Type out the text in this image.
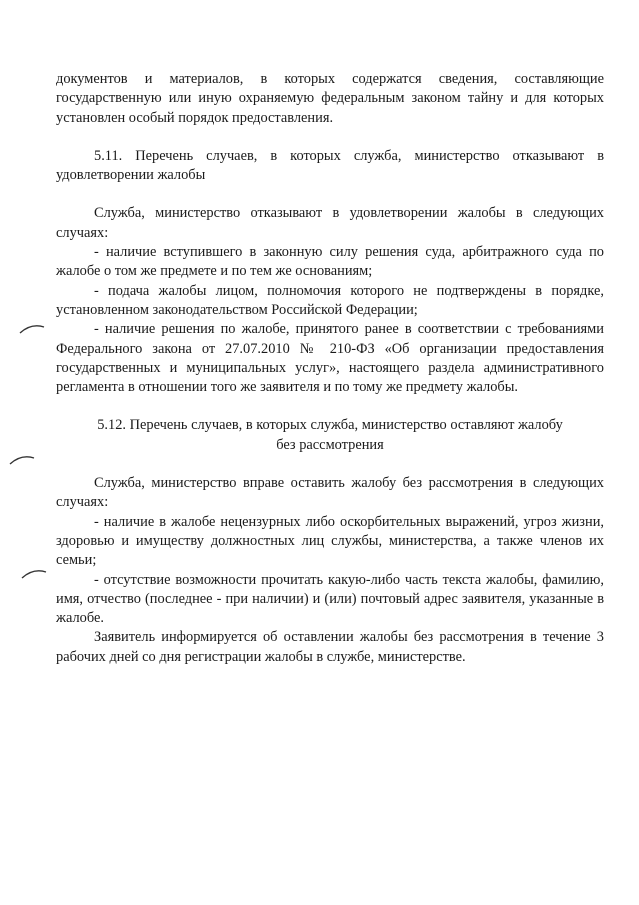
документов и материалов, в которых содержатся сведения, составляющие государственную или иную охраняемую федеральным законом тайну и для которых установлен особый порядок предоставления.

5.11. Перечень случаев, в которых служба, министерство отказывают в удовлетворении жалобы

Служба, министерство отказывают в удовлетворении жалобы в следующих случаях:

- наличие вступившего в законную силу решения суда, арбитражного суда по жалобе о том же предмете и по тем же основаниям;

- подача жалобы лицом, полномочия которого не подтверждены в порядке, установленном законодательством Российской Федерации;

- наличие решения по жалобе, принятого ранее в соответствии с требованиями Федерального закона от 27.07.2010 № 210-ФЗ «Об организации предоставления государственных и муниципальных услуг», настоящего раздела административного регламента в отношении того же заявителя и по тому же предмету жалобы.

5.12. Перечень случаев, в которых служба, министерство оставляют жалобу
без рассмотрения

Служба, министерство вправе оставить жалобу без рассмотрения в следующих случаях:

- наличие в жалобе нецензурных либо оскорбительных выражений, угроз жизни, здоровью и имуществу должностных лиц службы, министерства, а также членов их семьи;

- отсутствие возможности прочитать какую-либо часть текста жалобы, фамилию, имя, отчество (последнее - при наличии) и (или) почтовый адрес заявителя, указанные в жалобе.

Заявитель информируется об оставлении жалобы без рассмотрения в течение 3 рабочих дней со дня регистрации жалобы в службе, министерстве.
